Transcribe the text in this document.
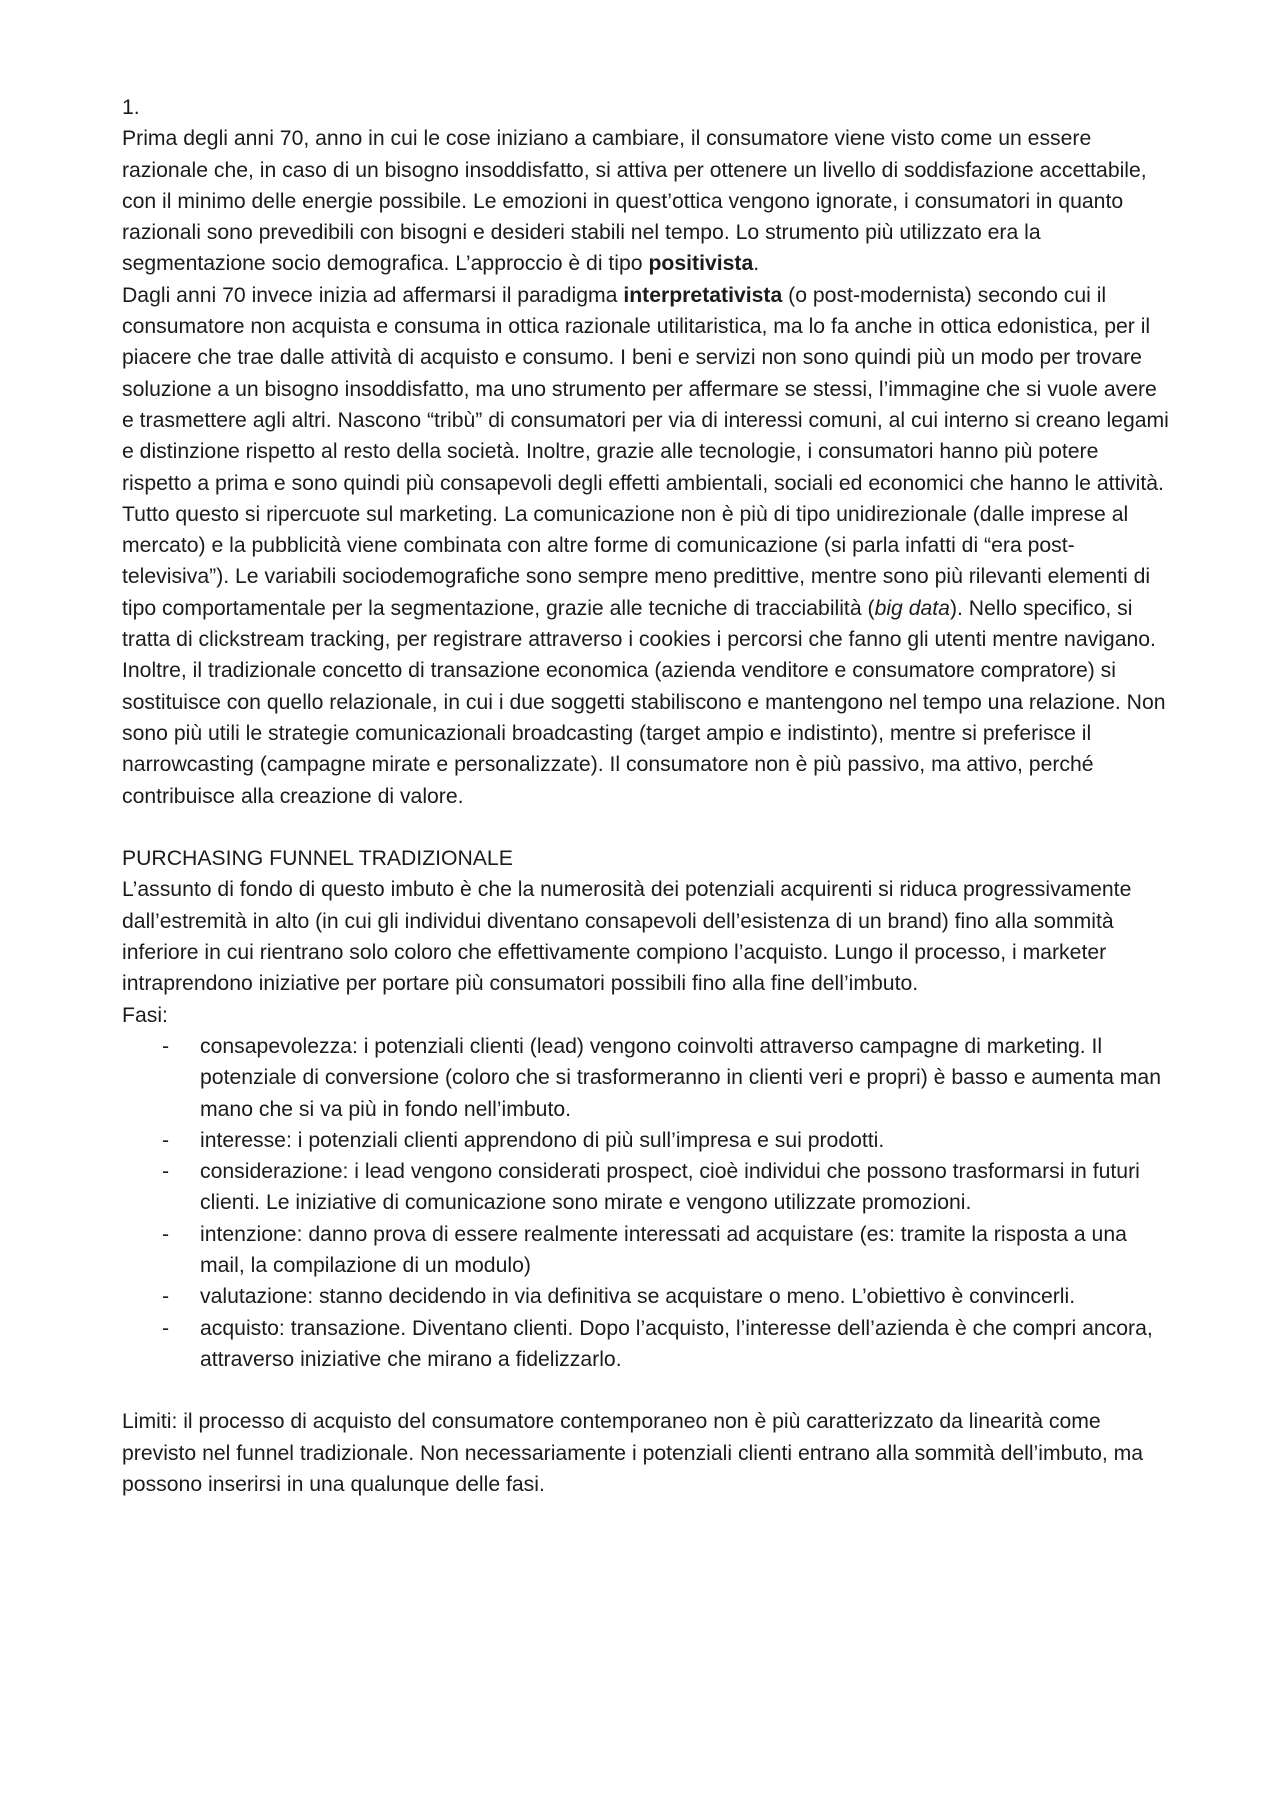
1.

Prima degli anni 70, anno in cui le cose iniziano a cambiare, il consumatore viene visto come un essere razionale che, in caso di un bisogno insoddisfatto, si attiva per ottenere un livello di soddisfazione accettabile, con il minimo delle energie possibile. Le emozioni in quest’ottica vengono ignorate, i consumatori in quanto razionali sono prevedibili con bisogni e desideri stabili nel tempo. Lo strumento più utilizzato era la segmentazione socio demografica. L’approccio è di tipo positivista.

Dagli anni 70 invece inizia ad affermarsi il paradigma interpretativista (o post-modernista) secondo cui il consumatore non acquista e consuma in ottica razionale utilitaristica, ma lo fa anche in ottica edonistica, per il piacere che trae dalle attività di acquisto e consumo. I beni e servizi non sono quindi più un modo per trovare soluzione a un bisogno insoddisfatto, ma uno strumento per affermare se stessi, l’immagine che si vuole avere e trasmettere agli altri. Nascono “tribù” di consumatori per via di interessi comuni, al cui interno si creano legami e distinzione rispetto al resto della società. Inoltre, grazie alle tecnologie, i consumatori hanno più potere rispetto a prima e sono quindi più consapevoli degli effetti ambientali, sociali ed economici che hanno le attività.

Tutto questo si ripercuote sul marketing. La comunicazione non è più di tipo unidirezionale (dalle imprese al mercato) e la pubblicità viene combinata con altre forme di comunicazione (si parla infatti di “era post-televisiva”). Le variabili sociodemografiche sono sempre meno predittive, mentre sono più rilevanti elementi di tipo comportamentale per la segmentazione, grazie alle tecniche di tracciabilità (big data). Nello specifico, si tratta di clickstream tracking, per registrare attraverso i cookies i percorsi che fanno gli utenti mentre navigano. Inoltre, il tradizionale concetto di transazione economica (azienda venditore e consumatore compratore) si sostituisce con quello relazionale, in cui i due soggetti stabiliscono e mantengono nel tempo una relazione. Non sono più utili le strategie comunicazionali broadcasting (target ampio e indistinto), mentre si preferisce il narrowcasting (campagne mirate e personalizzate). Il consumatore non è più passivo, ma attivo, perché contribuisce alla creazione di valore.

PURCHASING FUNNEL TRADIZIONALE

L’assunto di fondo di questo imbuto è che la numerosità dei potenziali acquirenti si riduca progressivamente dall’estremità in alto (in cui gli individui diventano consapevoli dell’esistenza di un brand) fino alla sommità inferiore in cui rientrano solo coloro che effettivamente compiono l’acquisto. Lungo il processo, i marketer intraprendono iniziative per portare più consumatori possibili fino alla fine dell’imbuto.

Fasi:

- consapevolezza: i potenziali clienti (lead) vengono coinvolti attraverso campagne di marketing. Il potenziale di conversione (coloro che si trasformeranno in clienti veri e propri) è basso e aumenta man mano che si va più in fondo nell’imbuto.
- interesse: i potenziali clienti apprendono di più sull’impresa e sui prodotti.
- considerazione: i lead vengono considerati prospect, cioè individui che possono trasformarsi in futuri clienti. Le iniziative di comunicazione sono mirate e vengono utilizzate promozioni.
- intenzione: danno prova di essere realmente interessati ad acquistare (es: tramite la risposta a una mail, la compilazione di un modulo)
- valutazione: stanno decidendo in via definitiva se acquistare o meno. L’obiettivo è convincerli.
- acquisto: transazione. Diventano clienti. Dopo l’acquisto, l’interesse dell’azienda è che compri ancora, attraverso iniziative che mirano a fidelizzarlo.

Limiti: il processo di acquisto del consumatore contemporaneo non è più caratterizzato da linearità come previsto nel funnel tradizionale. Non necessariamente i potenziali clienti entrano alla sommità dell’imbuto, ma possono inserirsi in una qualunque delle fasi.
